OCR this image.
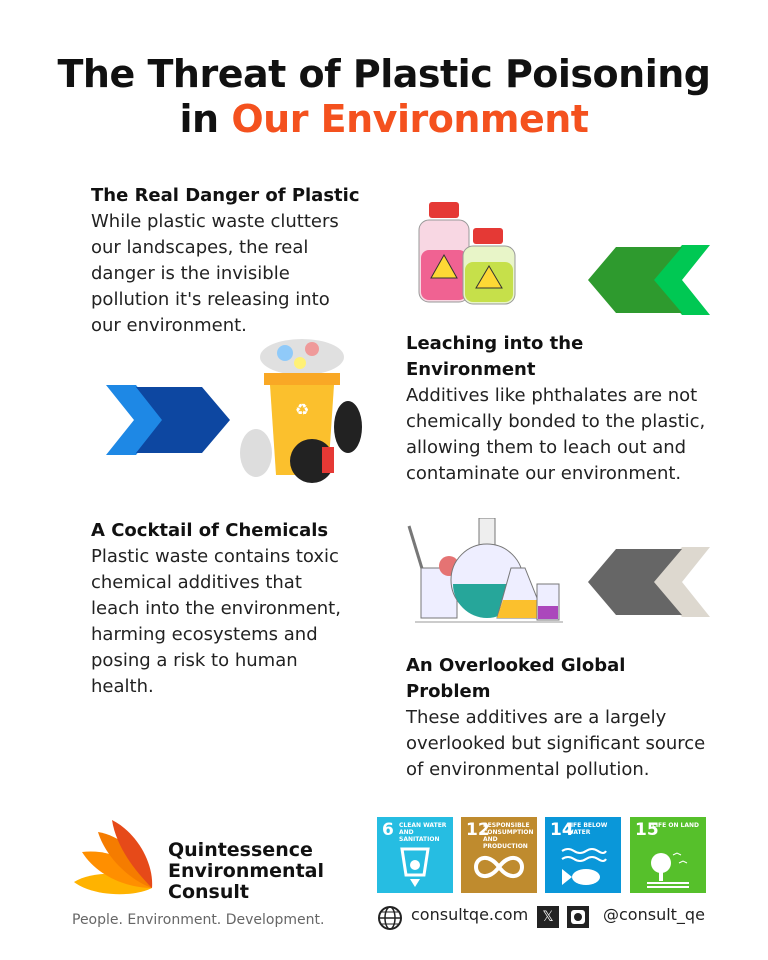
The Threat of Plastic Poisoning
in Our Environment
The Real Danger of Plastic

While plastic waste clutters our landscapes, the real danger is the invisible pollution it's releasing into our environment.

Leaching into the Environment

Additives like phthalates are not chemically bonded to the plastic, allowing them to leach out and contaminate our environment.

A Cocktail of Chemicals

Plastic waste contains toxic chemical additives that leach into the environment, harming ecosystems and posing a risk to human health.

An Overlooked Global Problem

These additives are a largely overlooked but significant source of environmental pollution.

♻
Quintessence
Environmental
Consult
People. Environment. Development.
6 CLEAN WATER AND SANITATION	12
RESPONSIBLE CONSUMPTION AND PRODUCTION
14
LIFE BELOW WATER	15
LIFE ON LAND
consultqe.com	𝕏	@consult_qe
